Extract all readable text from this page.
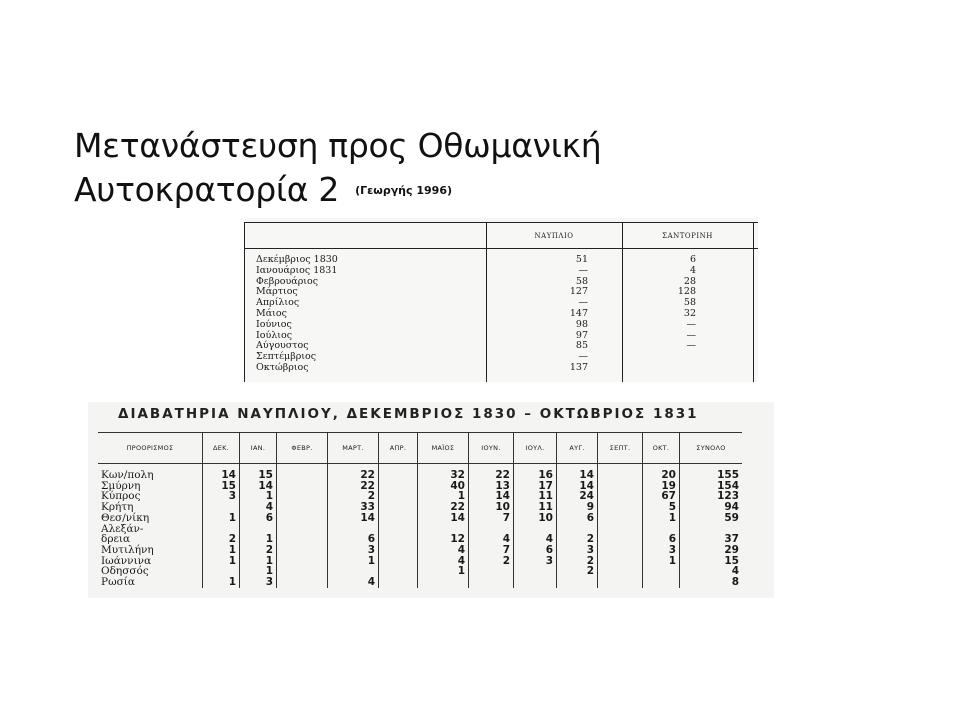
Μετανάστευση προς Οθωμανική
Αυτοκρατορία 2 $^{(\Gamma\varepsilon\omega\rho\gamma ή\varsigma 1996)}$
ΝΑΥΠΛΙΟ	ΣΑΝΤΟΡΙΝΗ
Δεκέμβριος 1830	51	6
Ιανουάριος 1831	—	4
Φεβρουάριος	58	28
Μάρτιος	127	128
Απρίλιος	—	58
Μάιος	147	32
Ιούνιος	98	—
Ιούλιος	97	—
Αύγουστος	85	—
Σεπτέμβριος	—
Οκτώβριος	137
ΔΙΑΒΑΤΗΡΙΑ ΝΑΥΠΛΙΟΥ, ΔΕΚΕΜΒΡΙΟΣ 1830 – ΟΚΤΩΒΡΙΟΣ 1831
ΠΡΟΟΡΙΣΜΟΣ	ΔΕΚ.	ΙΑΝ.	ΦΕΒΡ.	ΜΑΡΤ.	ΑΠΡ.	ΜΑΪΟΣ	ΙΟΥΝ.	ΙΟΥΛ.	ΑΥΓ.	ΣΕΠΤ.	ΟΚΤ.	ΣΥΝΟΛΟ
Κων/πολη	14	15		22		32	22	16	14		20	155
Σμύρνη	15	14		22		40	13	17	14		19	154
Κύπρος	3	1		2		1	14	11	24		67	123
Κρήτη		4		33		22	10	11	9		5	94
Θεσ/νίκη	1	6		14		14	7	10	6		1	59
Αλεξάν-												
δρεια	2	1		6		12	4	4	2		6	37
Μυτιλήνη	1	2		3		4	7	6	3		3	29
Ιωάννινα	1	1		1		4	2	3	2		1	15
Οδησσός		1				1			2			4
Ρωσία	1	3		4								8
